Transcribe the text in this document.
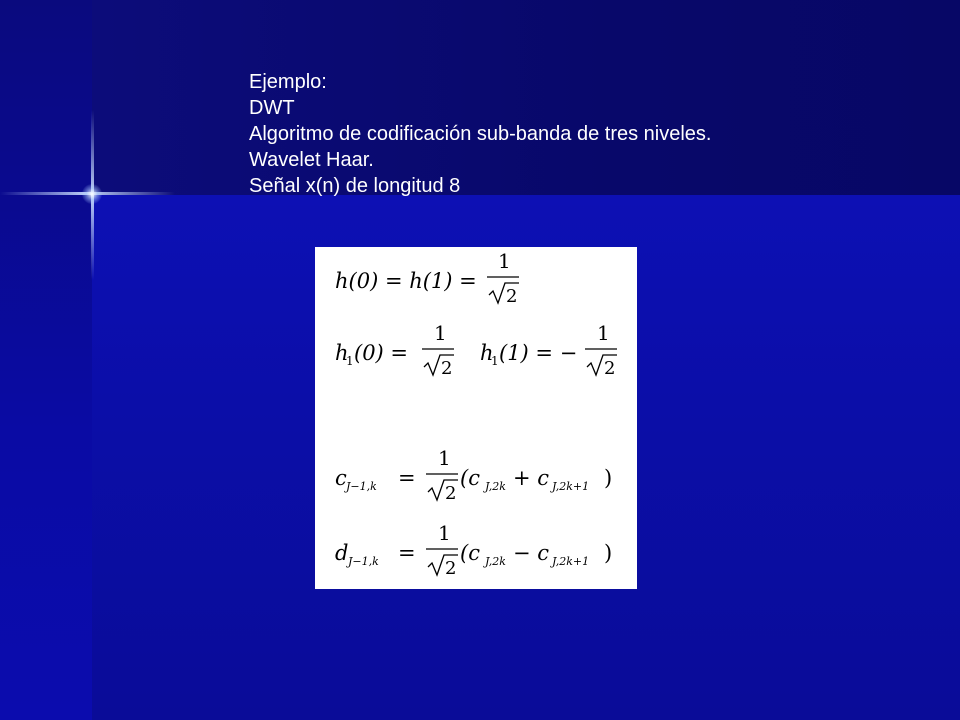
Ejemplo:
DWT
Algoritmo de codificación sub-banda de tres niveles.
Wavelet Haar.
Señal x(n) de longitud 8
h(0) = h(1) =
1
2
h
1 (0) =
1
2
h
1 (1) = −
1
2
c J−1,k =
1
2
(c J,2k + c J,2k+1 )
d J−1,k =
1
2
(c J,2k − c J,2k+1 )
